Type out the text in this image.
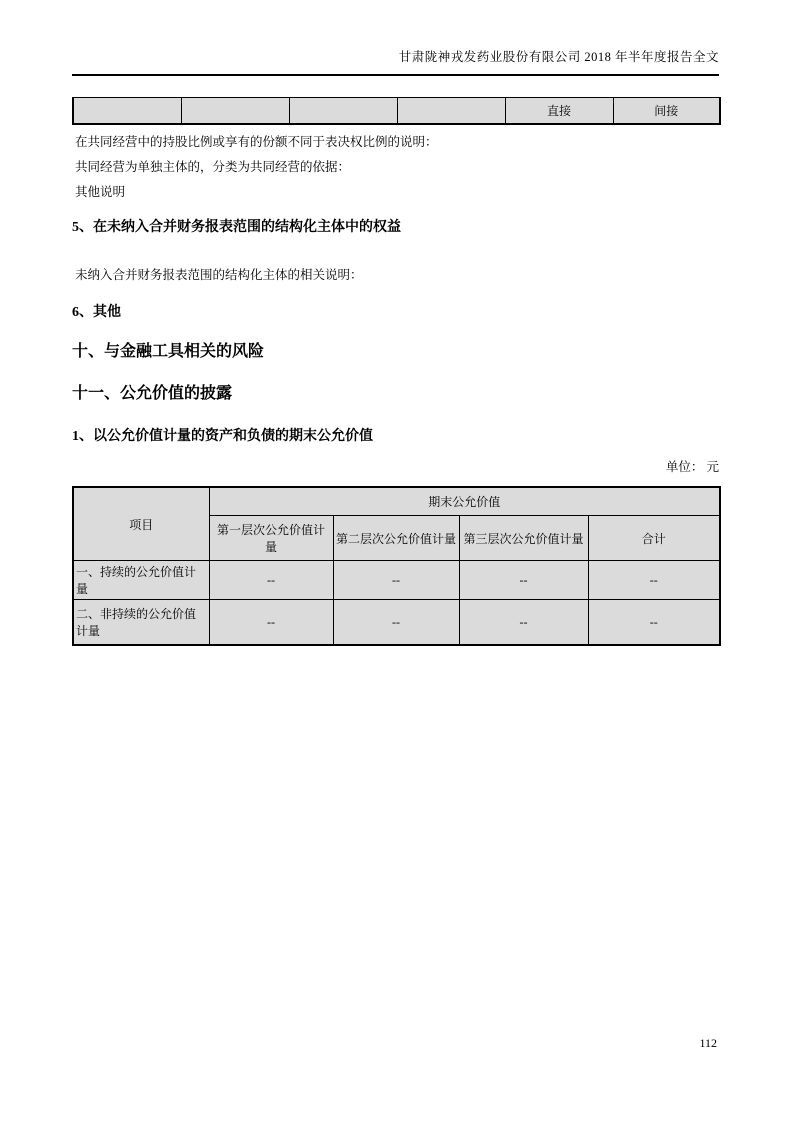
甘肃陇神戎发药业股份有限公司 2018 年半年度报告全文
				直接	间接

在共同经营中的持股比例或享有的份额不同于表决权比例的说明：

共同经营为单独主体的，分类为共同经营的依据：

其他说明

5、在未纳入合并财务报表范围的结构化主体中的权益

未纳入合并财务报表范围的结构化主体的相关说明：

6、其他
十、与金融工具相关的风险
十一、公允价值的披露
1、以公允价值计量的资产和负债的期末公允价值
单位： 元
项目	期末公允价值			
	第一层次公允价值计量	第二层次公允价值计量	第三层次公允价值计量	合计
一、持续的公允价值计量	--	--	--	--
二、非持续的公允价值计量	--	--	--	--
112
